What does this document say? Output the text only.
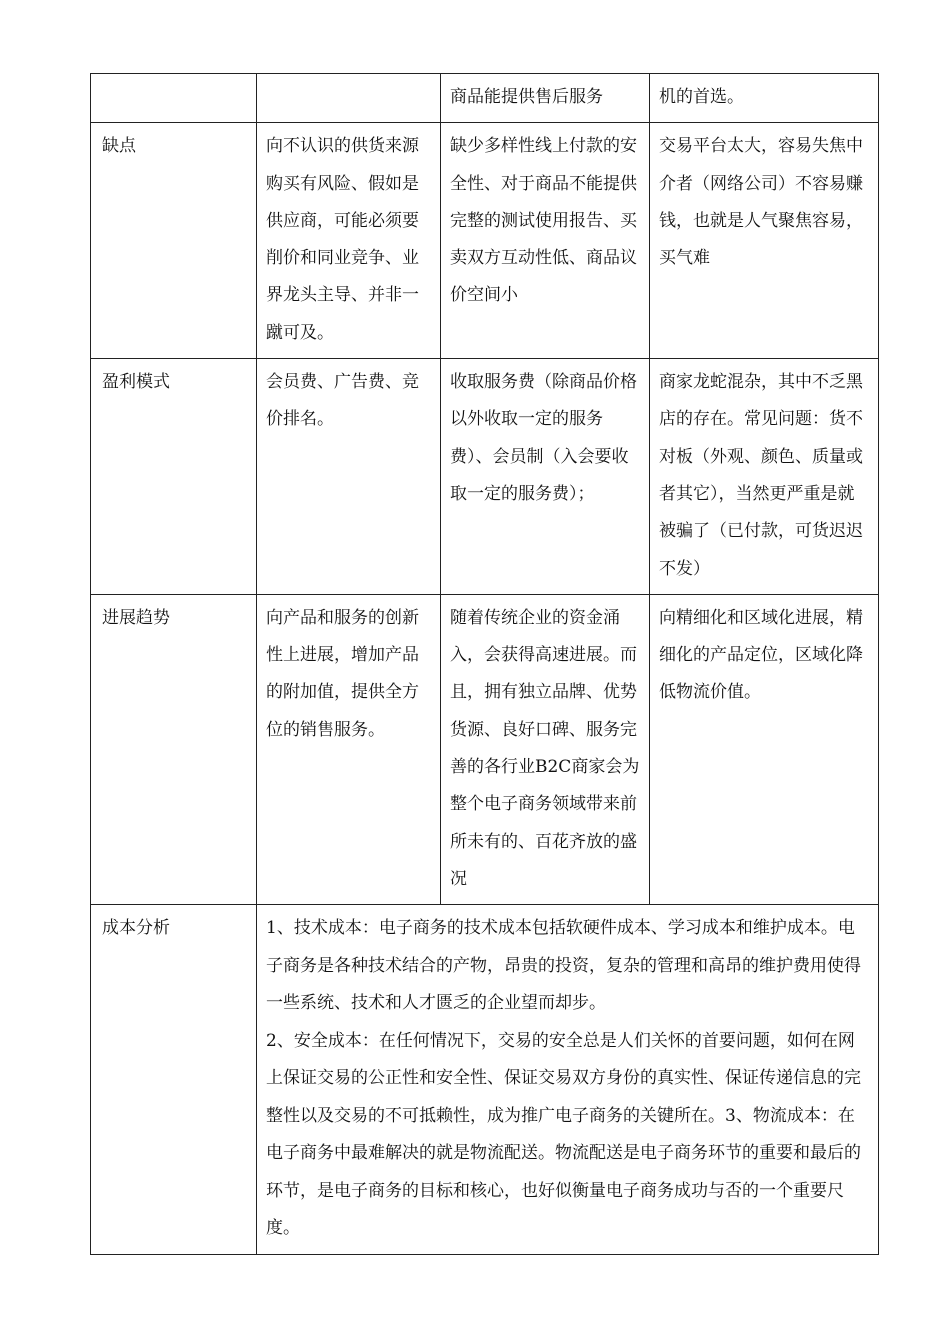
		商品能提供售后服务	机的首选。
缺点	向不认识的供货来源购买有风险、假如是供应商，可能必须要削价和同业竞争、业界龙头主导、并非一蹴可及。	缺少多样性线上付款的安全性、对于商品不能提供完整的测试使用报告、买卖双方互动性低、商品议价空间小	交易平台太大，容易失焦中介者（网络公司）不容易赚钱，也就是人气聚焦容易，买气难
盈利模式	会员费、广告费、竞价排名。	收取服务费（除商品价格以外收取一定的服务费）、会员制（入会要收取一定的服务费）；	商家龙蛇混杂，其中不乏黑店的存在。常见问题：货不对板（外观、颜色、质量或者其它），当然更严重是就被骗了（已付款，可货迟迟不发）
进展趋势	向产品和服务的创新性上进展，增加产品的附加值，提供全方位的销售服务。	随着传统企业的资金涌入，会获得高速进展。而且，拥有独立品牌、优势货源、良好口碑、服务完善的各行业B2C商家会为整个电子商务领域带来前所未有的、百花齐放的盛况	向精细化和区域化进展，精细化的产品定位，区域化降低物流价值。
成本分析	1、技术成本：电子商务的技术成本包括软硬件成本、学习成本和维护成本。电子商务是各种技术结合的产物，昂贵的投资，复杂的管理和高昂的维护费用使得一些系统、技术和人才匮乏的企业望而却步。
2、安全成本：在任何情况下，交易的安全总是人们关怀的首要问题，如何在网上保证交易的公正性和安全性、保证交易双方身份的真实性、保证传递信息的完整性以及交易的不可抵赖性，成为推广电子商务的关键所在。3、物流成本：在电子商务中最难解决的就是物流配送。物流配送是电子商务环节的重要和最后的环节，是电子商务的目标和核心，也好似衡量电子商务成功与否的一个重要尺度。		
